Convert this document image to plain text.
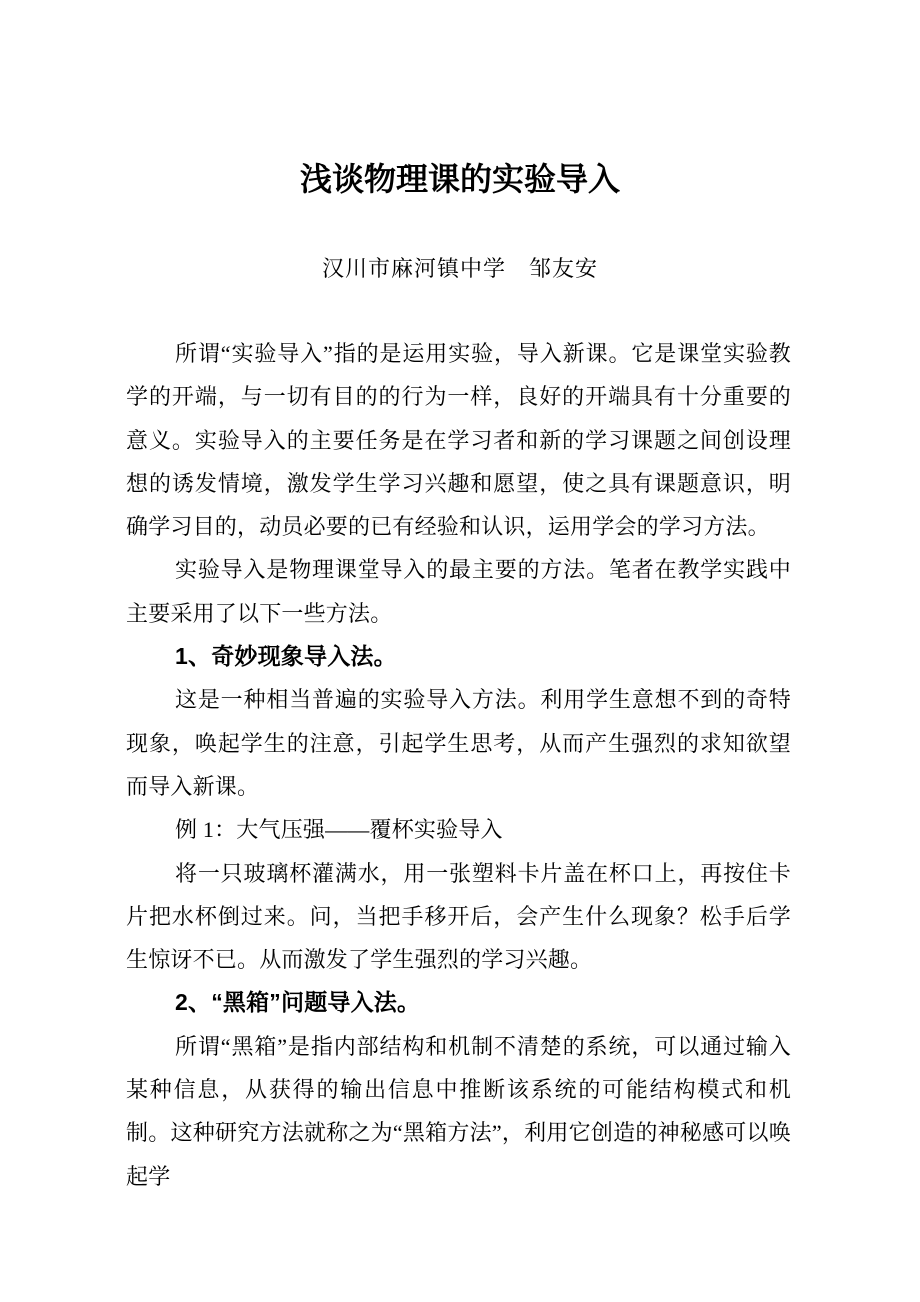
浅谈物理课的实验导入
汉川市麻河镇中学　邹友安

所谓“实验导入”指的是运用实验，导入新课。它是课堂实验教学的开端，与一切有目的的行为一样，良好的开端具有十分重要的意义。实验导入的主要任务是在学习者和新的学习课题之间创设理想的诱发情境，激发学生学习兴趣和愿望，使之具有课题意识，明确学习目的，动员必要的已有经验和认识，运用学会的学习方法。

实验导入是物理课堂导入的最主要的方法。笔者在教学实践中主要采用了以下一些方法。

1、奇妙现象导入法。

这是一种相当普遍的实验导入方法。利用学生意想不到的奇特现象，唤起学生的注意，引起学生思考，从而产生强烈的求知欲望而导入新课。

例 1：大气压强——覆杯实验导入

将一只玻璃杯灌满水，用一张塑料卡片盖在杯口上，再按住卡片把水杯倒过来。问，当把手移开后，会产生什么现象？松手后学生惊讶不已。从而激发了学生强烈的学习兴趣。

2、“黑箱”问题导入法。

所谓“黑箱”是指内部结构和机制不清楚的系统，可以通过输入某种信息，从获得的输出信息中推断该系统的可能结构模式和机制。这种研究方法就称之为“黑箱方法”，利用它创造的神秘感可以唤起学
